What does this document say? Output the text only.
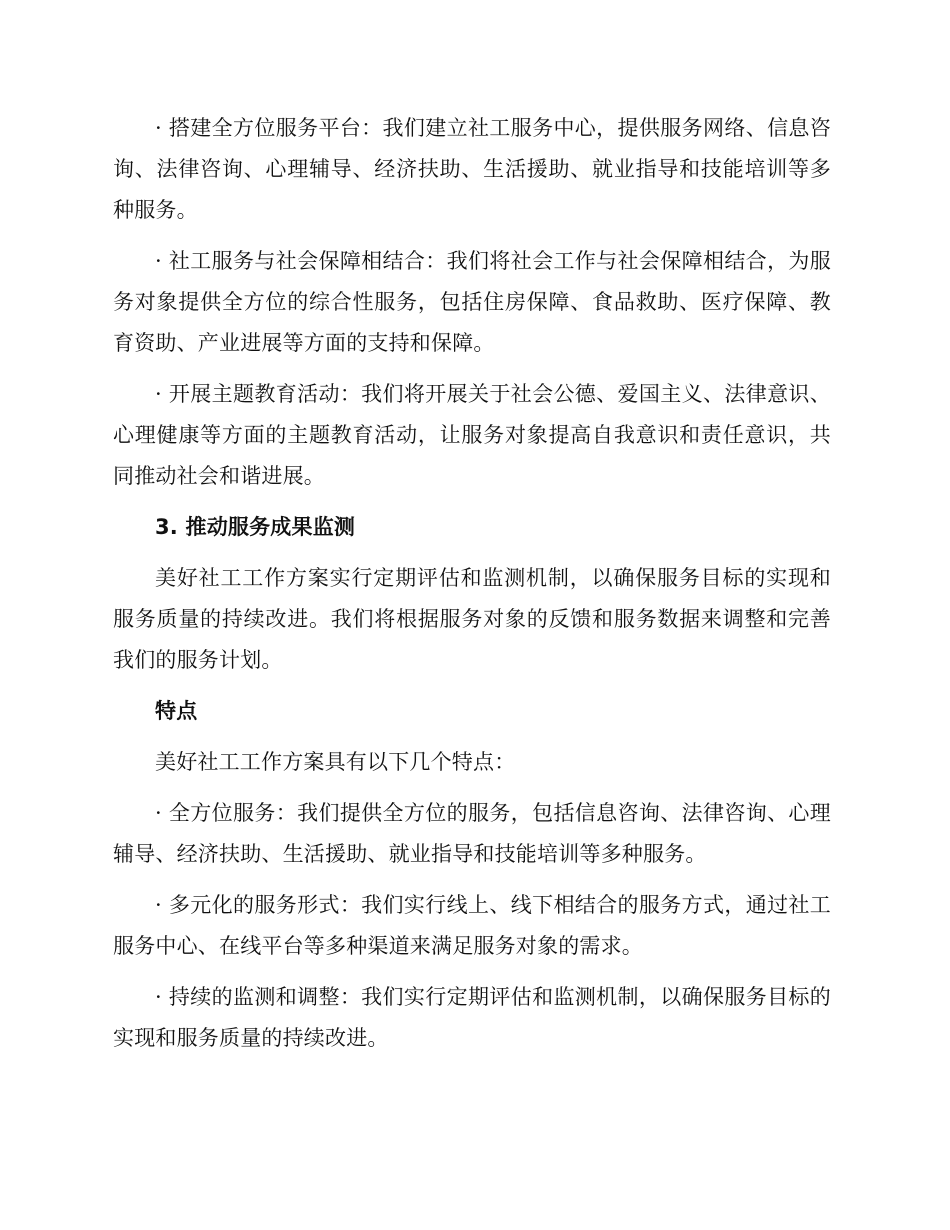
· 搭建全方位服务平台：我们建立社工服务中心，提供服务网络、信息咨询、法律咨询、心理辅导、经济扶助、生活援助、就业指导和技能培训等多种服务。

· 社工服务与社会保障相结合：我们将社会工作与社会保障相结合，为服务对象提供全方位的综合性服务，包括住房保障、食品救助、医疗保障、教育资助、产业进展等方面的支持和保障。

· 开展主题教育活动：我们将开展关于社会公德、爱国主义、法律意识、心理健康等方面的主题教育活动，让服务对象提高自我意识和责任意识，共同推动社会和谐进展。

3. 推动服务成果监测

美好社工工作方案实行定期评估和监测机制，以确保服务目标的实现和服务质量的持续改进。我们将根据服务对象的反馈和服务数据来调整和完善我们的服务计划。

特点

美好社工工作方案具有以下几个特点：

· 全方位服务：我们提供全方位的服务，包括信息咨询、法律咨询、心理辅导、经济扶助、生活援助、就业指导和技能培训等多种服务。

· 多元化的服务形式：我们实行线上、线下相结合的服务方式，通过社工服务中心、在线平台等多种渠道来满足服务对象的需求。

· 持续的监测和调整：我们实行定期评估和监测机制，以确保服务目标的实现和服务质量的持续改进。
